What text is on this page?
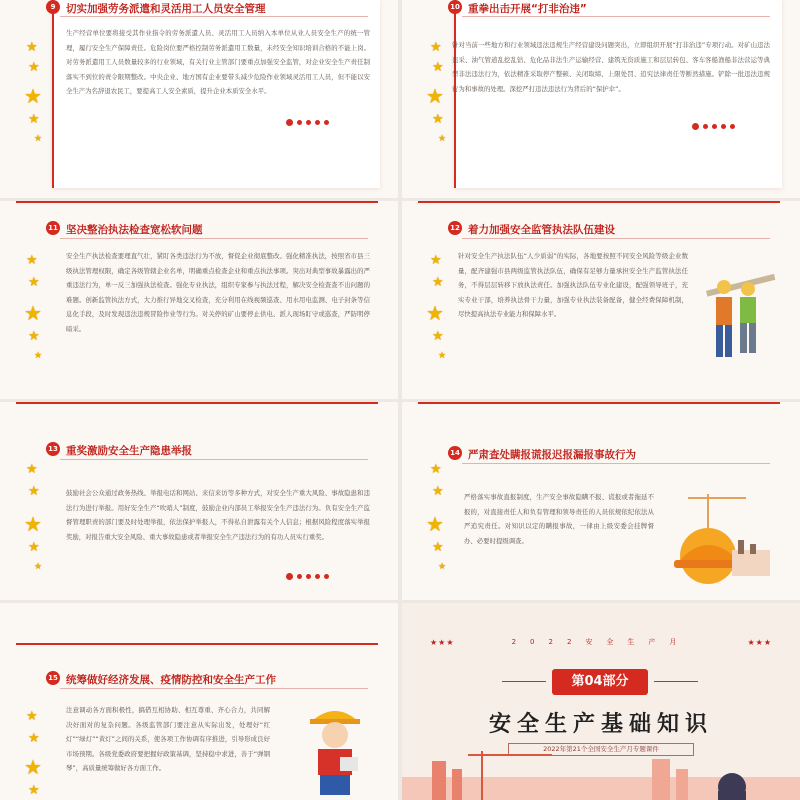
★
★
★
★
★
9	切实加强劳务派遣和灵活用工人员安全管理
生产经营单位要将接受其作业指令的劳务派遣人员、灵活用工人员纳入本单位从业人员安全生产的统一管理，履行安全生产保障责任。危险岗位要严格控制劳务派遣用工数量，未经安全知识培训合格的不能上岗。对劳务派遣用工人员数量较多的行业领域，有关行业主管部门要重点加强安全监管，对企业安全生产责任制落实不到位的责令限期整改。中央企业、地方国有企业要带头减少危险作业领域灵活用工人员，但不能以安全生产为名辞退农民工，要提高工人安全素质，提升企业本质安全水平。
★
★
★
★
★
10 重拳出击开展“打非治违”
针对当前一些地方和行业领域违法违规生产经营建设问题突出，立即组织开展“打非治违”专项行动。对矿山违法盗采、油气管道乱挖乱钻、危化品非法生产运输经营、建筑无资质施工和层层转包、客车客船渔船非法营运等典型非法违法行为，依法精准采取停产整顿、关闭取缔、上限处罚、追究法律责任等断然措施。铲除一批违法违规行为和事故的处理。深挖严打违法违法行为背后的“保护伞”。
★
★
★
★
★
11 坚决整治执法检查宽松软问题
安全生产执法检查要理直气壮，紧盯各类违法行为不放，督促企业彻底整改。强化精准执法，按照省市县三级执法管理权限，确定各级管辖企业名单，明确重点检查企业和重点执法事项。突出对典型事故暴露出的严重违法行为，单一反三加强执法检查。强化专业执法，组织专家参与执法过程，解决安全检查查不出问题的难题。创新监管执法方式，大力推行异地交叉检查，充分利用在线视频巡查、用水用电监测、电子封条等信息化手段，及时发现违法违规冒险作业等行为。对关停的矿山要停止供电、派人现场盯守或巡查，严防明停暗采。
★
★
★
★
★
12 着力加强安全监管执法队伍建设
针对安全生产执法队伍“人少质弱”的实际，各地要按照不同安全风险等级企业数量，配齐建强市县两级监管执法队伍，确保有足够力量承担安全生产监管执法任务，不得层层转移下放执法责任。加强执法队伍专业化建设，配强领导班子，充实专业干部，培养执法骨干力量，加强专业执法装备配备，健全经费保障机制，尽快提高执法专业能力和保障水平。
★
★
★
★
★
13 重奖激励安全生产隐患举报
鼓励社会公众通过政务热线、举报电话和网站、来信来访等多种方式，对安全生产重大风险、事故隐患和违法行为进行举报。用好安全生产“吹哨人”制度，鼓励企业内部员工举报安全生产违法行为。负有安全生产监督管理职责的部门要及时处理举报，依法保护举报人，不得私自泄露有关个人信息；根据风险程度落实举报奖励，对报告重大安全风险、重大事故隐患或者举报安全生产违法行为的有功人员实行重奖。
★
★
★
★
★
14 严肃查处瞒报谎报迟报漏报事故行为
严格落实事故直报制度，生产安全事故隐瞒不报、谎报或者拖延不报的，对直接责任人和负有管理和领导责任的人员依规依纪依法从严追究责任。对知识以定的瞒报事故，一律由上级安委会挂牌督办、必要时提级调查。
★
★
★
★
15 统筹做好经济发展、疫情防控和安全生产工作
注意调动各方面积极性，搞借互相协助、相互尊重、齐心合力，共同解决好面对的复杂问题。各级监管部门要注意从实际出发，处理好“红灯”“绿灯”“黄灯”之间的关系，使各项工作协调有序推进，引导形成良好市场预期。各级党委政府要把握好政策基调，坚持稳中求进，善于“弹钢琴”，高质量统筹做好各方面工作。
★★★	2022安全生产月	★★★
第04部分
安全生产基础知识
2022年第21个全国安全生产月专题课件
